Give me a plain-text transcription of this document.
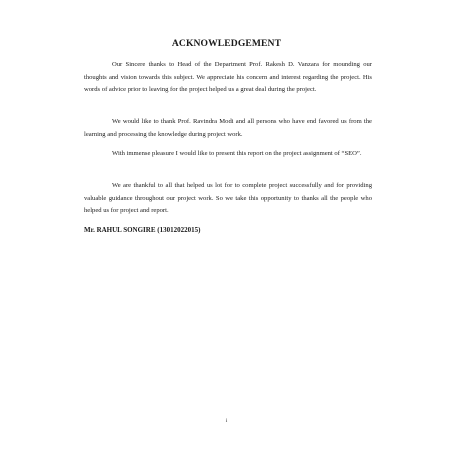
ACKNOWLEDGEMENT

Our Sincere thanks to Head of the Department Prof. Rakesh D. Vanzara for mounding our thoughts and vision towards this subject. We appreciate his concern and interest regarding the project. His words of advice prior to leaving for the project helped us a great deal during the project.

We would like to thank Prof. Ravindra Modi and all persons who have end favored us from the learning and processing the knowledge during project work.

With immense pleasure I would like to present this report on the project assignment of “SEO”.

We are thankful to all that helped us lot for to complete project successfully and for providing valuable guidance throughout our project work. So we take this opportunity to thanks all the people who helped us for project and report.

Mr. RAHUL SONGIRE (13012022015)
i
